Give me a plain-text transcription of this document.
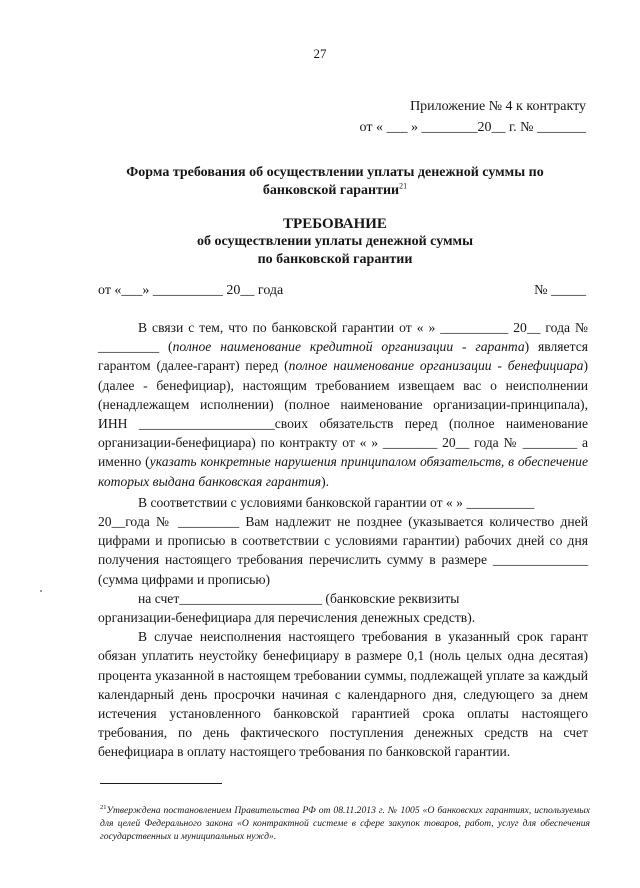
27
Приложение № 4 к контракту
от « ___ » ________20__ г. № _______
Форма требования об осуществлении уплаты денежной суммы по
банковской гарантии$^{21}$
ТРЕБОВАНИЕ
об осуществлении уплаты денежной суммы
по банковской гарантии
от «___» __________ 20__ года	№ _____

В связи с тем, что по банковской гарантии от « » __________ 20__ года № _________ (полное наименование кредитной организации - гаранта) является гарантом (далее-гарант) перед (полное наименование организации - бенефициара) (далее - бенефициар), настоящим требованием извещаем вас о неисполнении (ненадлежащем исполнении) (полное наименование организации-принципала), ИНН ____________________своих обязательств перед (полное наименование организации-бенефициара) по контракту от « » ________ 20__ года № ________ а именно (указать конкретные нарушения принципалом обязательств, в обеспечение которых выдана банковская гарантия).

В соответствии с условиями банковской гарантии от « » __________

20__года № _________ Вам надлежит не позднее (указывается количество дней цифрами и прописью в соответствии с условиями гарантии) рабочих дней со дня получения настоящего требования перечислить сумму в размере ______________ (сумма цифрами и прописью)

на счет_____________________ (банковские реквизиты

организации-бенефициара для перечисления денежных средств).

В случае неисполнения настоящего требования в указанный срок гарант обязан уплатить неустойку бенефициару в размере 0,1 (ноль целых одна десятая) процента указанной в настоящем требовании суммы, подлежащей уплате за каждый календарный день просрочки начиная с календарного дня, следующего за днем истечения установленного банковской гарантией срока оплаты настоящего требования, по день фактического поступления денежных средств на счет бенефициара в оплату настоящего требования по банковской гарантии.

$^{21}$Утверждена постановлением Правительства РФ от 08.11.2013 г. № 1005 «О банковских гарантиях, используемых для целей Федерального закона «О контрактной системе в сфере закупок товаров, работ, услуг для обеспечения государственных и муниципальных нужд».
